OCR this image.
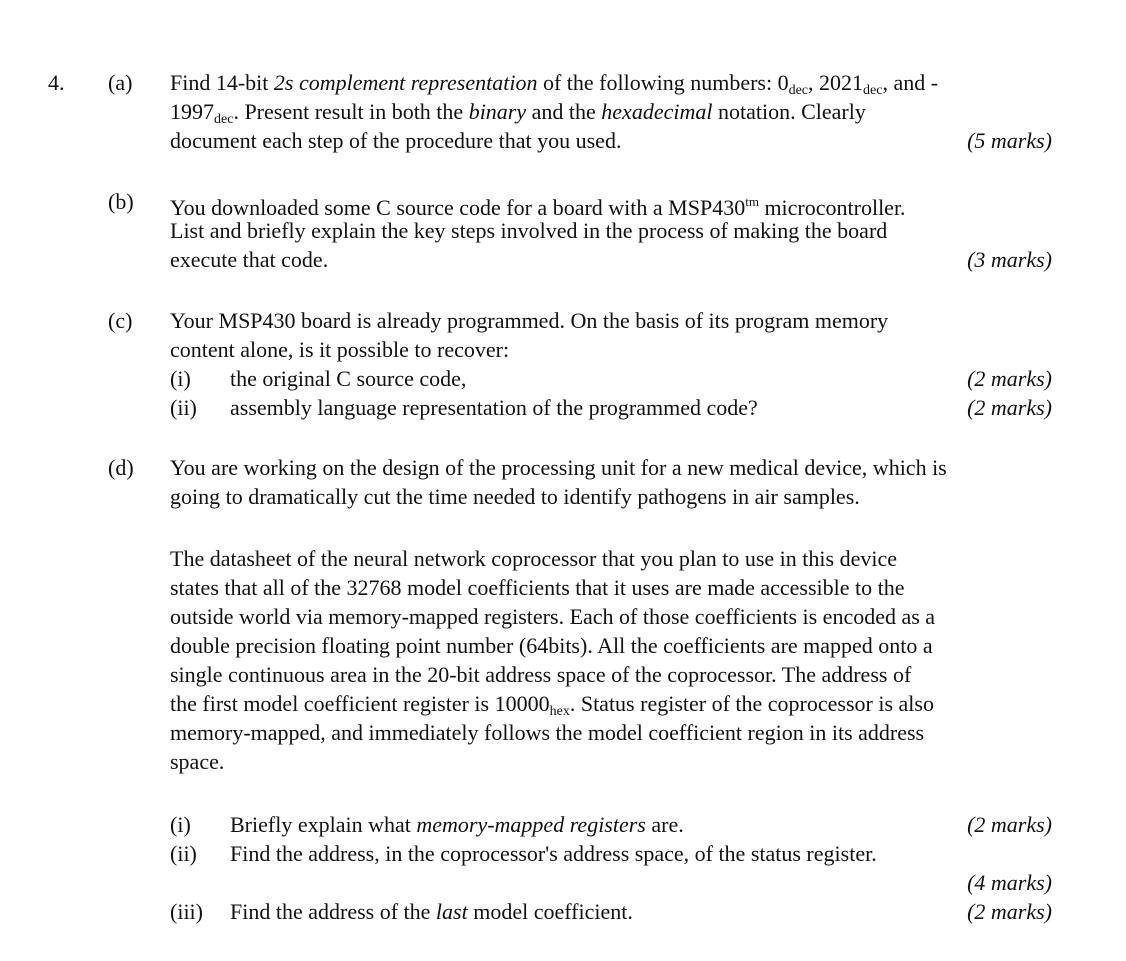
4. (a) Find 14-bit 2s complement representation of the following numbers: $0_{dec}$, $2021_{dec}$, and -
$1997_{dec}$. Present result in both the binary and the hexadecimal notation. Clearly
document each step of the procedure that you used.	(5 marks)
(b) You downloaded some C source code for a board with a $MSP430^{tm}$ microcontroller.
List and briefly explain the key steps involved in the process of making the board
execute that code.	(3 marks)
(c) Your MSP430 board is already programmed. On the basis of its program memory
content alone, is it possible to recover:
(i) the original C source code,	(2 marks)
(ii) assembly language representation of the programmed code?	(2 marks)
(d) You are working on the design of the processing unit for a new medical device, which is
going to dramatically cut the time needed to identify pathogens in air samples.
The datasheet of the neural network coprocessor that you plan to use in this device
states that all of the 32768 model coefficients that it uses are made accessible to the
outside world via memory-mapped registers. Each of those coefficients is encoded as a
double precision floating point number (64bits). All the coefficients are mapped onto a
single continuous area in the 20-bit address space of the coprocessor. The address of
the first model coefficient register is $10000_{hex}$. Status register of the coprocessor is also
memory-mapped, and immediately follows the model coefficient region in its address
space.
(i) Briefly explain what memory-mapped registers are.	(2 marks)
(ii) Find the address, in the coprocessor's address space, of the status register.
(4 marks)
(iii) Find the address of the last model coefficient.	(2 marks)
